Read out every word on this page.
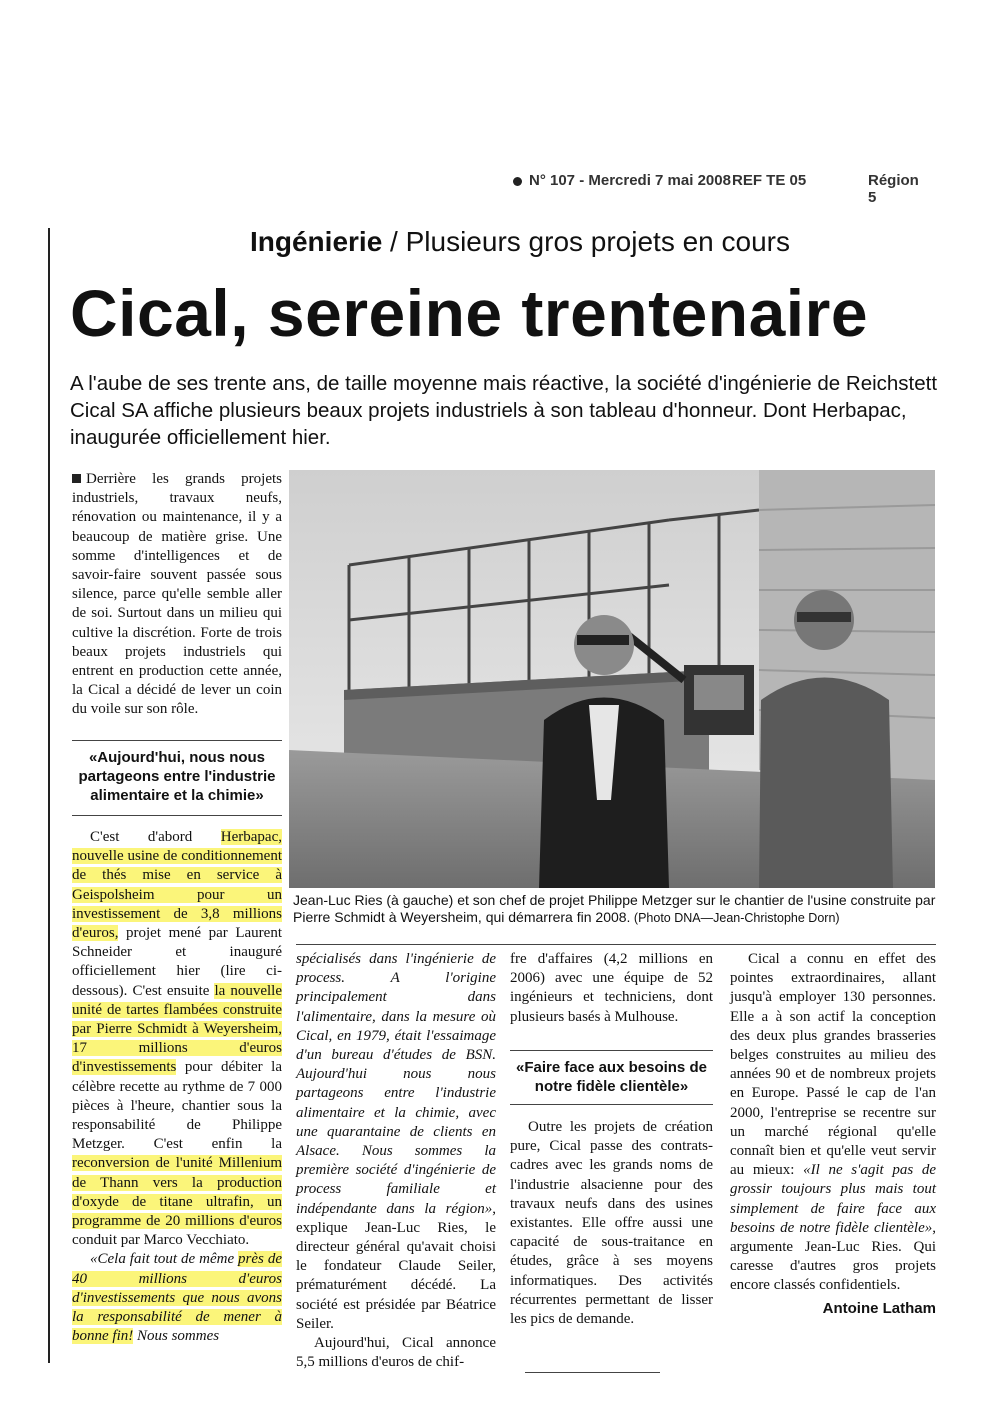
N° 107 - Mercredi 7 mai 2008 REF TE 05	Région 5
Ingénierie / Plusieurs gros projets en cours
Cical, sereine trentenaire
A l'aube de ses trente ans, de taille moyenne mais réactive, la société d'ingénierie de Reichstett Cical SA affiche plusieurs beaux projets industriels à son tableau d'honneur. Dont Herbapac, inaugurée officiellement hier.

Derrière les grands projets industriels, travaux neufs, rénovation ou maintenance, il y a beaucoup de matière grise. Une somme d'intelligences et de savoir-faire souvent passée sous silence, parce qu'elle semble aller de soi. Surtout dans un milieu qui cultive la discrétion. Forte de trois beaux projets industriels qui entrent en production cette année, la Cical a décidé de lever un coin du voile sur son rôle.

«Aujourd'hui, nous nous partageons entre l'industrie alimentaire et la chimie»

C'est d'abord Herbapac, nouvelle usine de conditionnement de thés mise en service à Geispolsheim pour un investissement de 3,8 millions d'euros, projet mené par Laurent Schneider et inauguré officiellement hier (lire ci-dessous). C'est ensuite la nouvelle unité de tartes flambées construite par Pierre Schmidt à Weyersheim, 17 millions d'euros d'investissements pour débiter la célèbre recette au rythme de 7 000 pièces à l'heure, chantier sous la responsabilité de Philippe Metzger. C'est enfin la reconversion de l'unité Millenium de Thann vers la production d'oxyde de titane ultrafin, un programme de 20 millions d'euros conduit par Marco Vecchiato.

«Cela fait tout de même près de 40 millions d'euros d'investissements que nous avons la responsabilité de mener à bonne fin! Nous sommes

Jean-Luc Ries (à gauche) et son chef de projet Philippe Metzger sur le chantier de l'usine construite par Pierre Schmidt à Weyersheim, qui démarrera fin 2008. (Photo DNA—Jean-Christophe Dorn)

spécialisés dans l'ingénierie de process. A l'origine principalement dans l'alimentaire, dans la mesure où Cical, en 1979, était l'essaimage d'un bureau d'études de BSN. Aujourd'hui nous nous partageons entre l'industrie alimentaire et la chimie, avec une quarantaine de clients en Alsace. Nous sommes la première société d'ingénierie de process familiale et indépendante dans la région», explique Jean-Luc Ries, le directeur général qu'avait choisi le fondateur Claude Seiler, prématurément décédé. La société est présidée par Béatrice Seiler.

Aujourd'hui, Cical annonce 5,5 millions d'euros de chif-

fre d'affaires (4,2 millions en 2006) avec une équipe de 52 ingénieurs et techniciens, dont plusieurs basés à Mulhouse.

«Faire face aux besoins de notre fidèle clientèle»

Outre les projets de création pure, Cical passe des contrats-cadres avec les grands noms de l'industrie alsacienne pour des travaux neufs dans des usines existantes. Elle offre aussi une capacité de sous-traitance en études, grâce à ses moyens informatiques. Des activités récurrentes permettant de lisser les pics de demande.

Cical a connu en effet des pointes extraordinaires, allant jusqu'à employer 130 personnes. Elle a à son actif la conception des deux plus grandes brasseries belges construites au milieu des années 90 et de nombreux projets en Europe. Passé le cap de l'an 2000, l'entreprise se recentre sur un marché régional qu'elle connaît bien et qu'elle veut servir au mieux: «Il ne s'agit pas de grossir toujours plus mais tout simplement de faire face aux besoins de notre fidèle clientèle», argumente Jean-Luc Ries. Qui caresse d'autres gros projets encore classés confidentiels.

Antoine Latham
